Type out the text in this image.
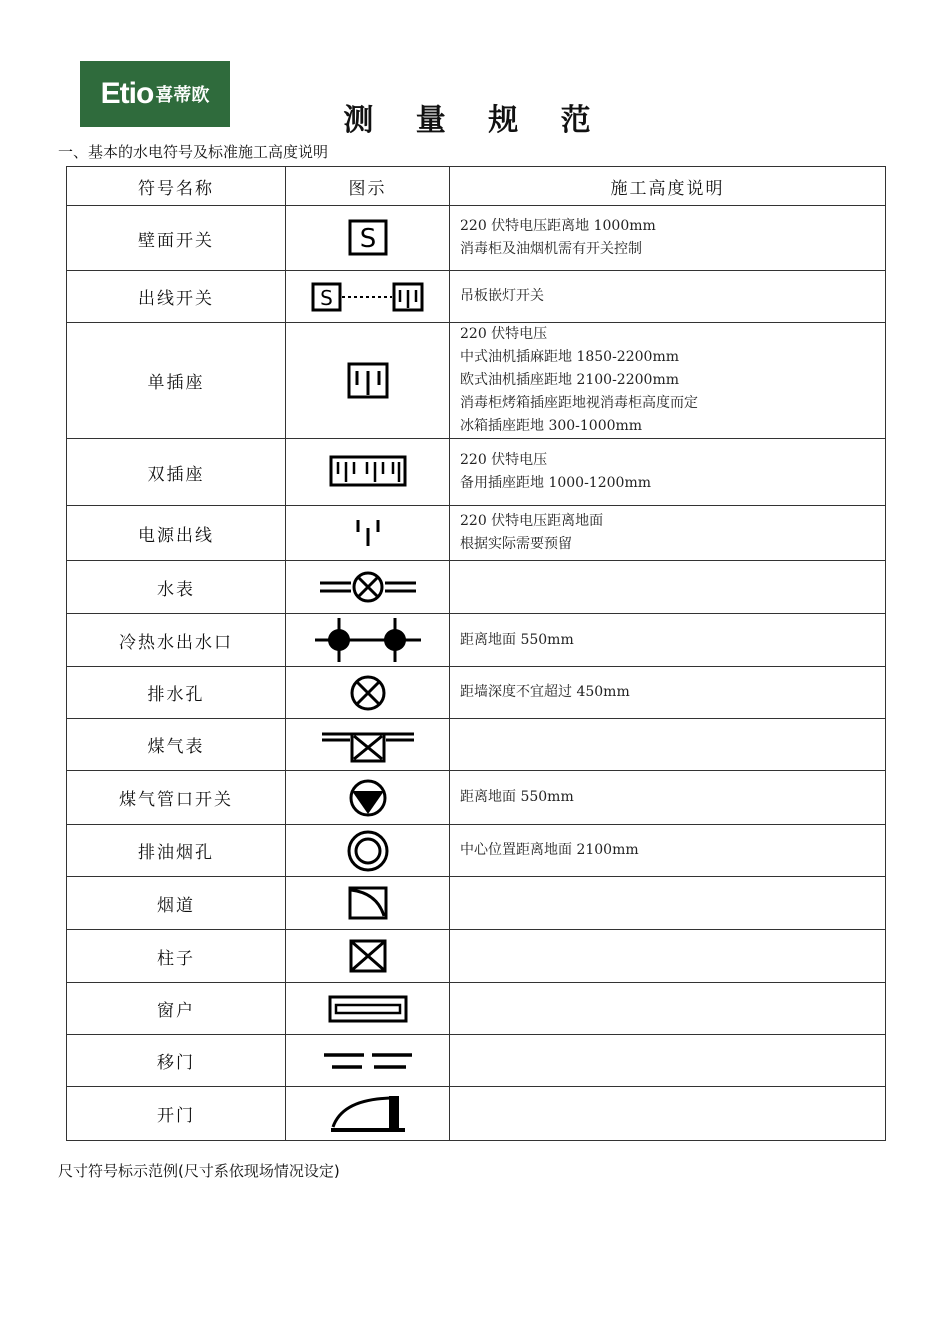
Etio 喜蒂欧
测 量 规 范
一、基本的水电符号及标准施工高度说明
符号名称	图示	施工高度说明
壁面开关	S	220 伏特电压距离地 1000mm
消毒柜及油烟机需有开关控制

出线开关	S	吊板嵌灯开关

单插座		220 伏特电压
中式油机插麻距地 1850-2200mm
欧式油机插座距地 2100-2200mm
消毒柜烤箱插座距地视消毒柜高度而定
冰箱插座距地 300-1000mm

双插座		220 伏特电压
备用插座距地 1000-1200mm

电源出线		220 伏特电压距离地面
根据实际需要预留

水表	

冷热水出水口		距离地面 550mm

排水孔		距墙深度不宜超过 450mm

煤气表	

煤气管口开关		距离地面 550mm

排油烟孔		中心位置距离地面 2100mm

烟道	

柱子	

窗户	

移门	

开门	

尺寸符号标示范例(尺寸系依现场情况设定)
